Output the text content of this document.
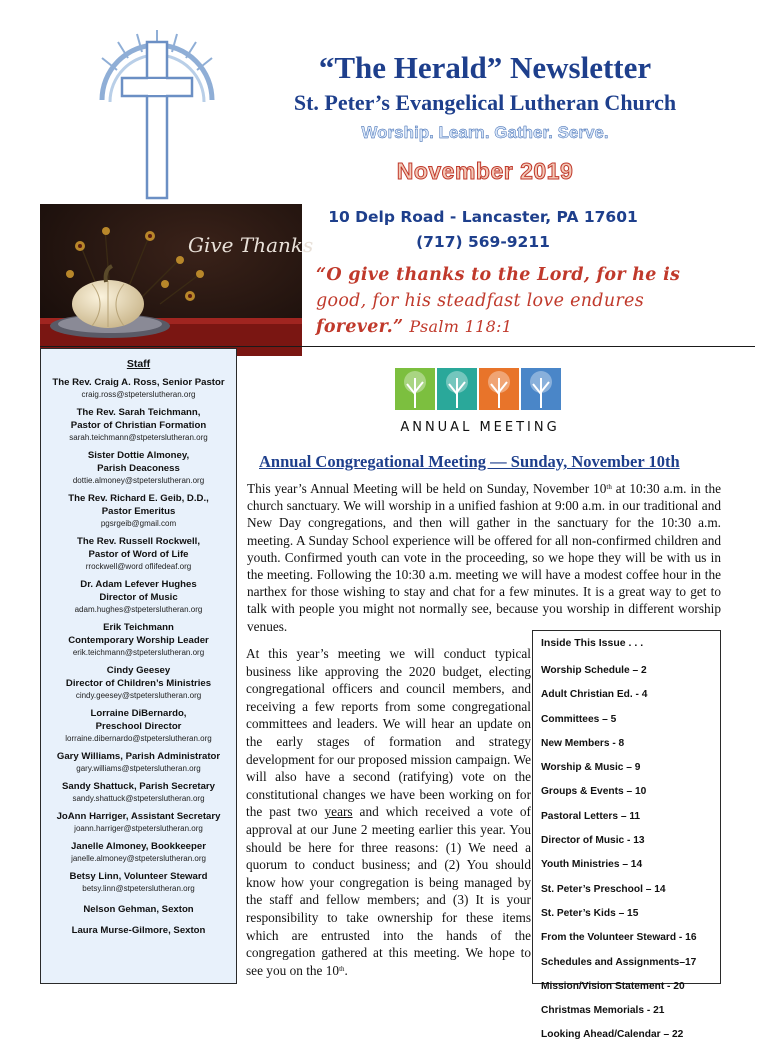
“The Herald” Newsletter
St. Peter’s Evangelical Lutheran Church
Worship. Learn. Gather. Serve.
November 2019
Give Thanks
10 Delp Road - Lancaster, PA 17601
(717) 569-9211
“O give thanks to the Lord, for he is
good, for his steadfast love endures
forever.” Psalm 118:1
Staff
The Rev. Craig A. Ross, Senior Pastor
craig.ross@stpeterslutheran.org
The Rev. Sarah Teichmann,
Pastor of Christian Formation
sarah.teichmann@stpeterslutheran.org
Sister Dottie Almoney,
Parish Deaconess
dottie.almoney@stpeterslutheran.org
The Rev. Richard E. Geib, D.D.,
Pastor Emeritus
pgsrgeib@gmail.com
The Rev. Russell Rockwell,
Pastor of Word of Life
rrockwell@word oflifedeaf.org
Dr. Adam Lefever Hughes
Director of Music
adam.hughes@stpeterslutheran.org
Erik Teichmann
Contemporary Worship Leader
erik.teichmann@stpeterslutheran.org
Cindy Geesey
Director of Children’s Ministries
cindy.geesey@stpeterslutheran.org
Lorraine DiBernardo,
Preschool Director
lorraine.dibernardo@stpeterslutheran.org
Gary Williams, Parish Administrator
gary.williams@stpeterslutheran.org
Sandy Shattuck, Parish Secretary
sandy.shattuck@stpeterslutheran.org
JoAnn Harriger, Assistant Secretary
joann.harriger@stpeterslutheran.org
Janelle Almoney, Bookkeeper
janelle.almoney@stpeterslutheran.org
Betsy Linn, Volunteer Steward
betsy.linn@stpeterslutheran.org
Nelson Gehman, Sexton
Laura Murse-Gilmore, Sexton
ANNUAL MEETING
Annual Congregational Meeting — Sunday, November 10th
This year’s Annual Meeting will be held on Sunday, November 10th at 10:30 a.m. in the church sanctuary. We will worship in a unified fashion at 9:00 a.m. in our traditional and New Day congregations, and then will gather in the sanctuary for the 10:30 a.m. meeting. A Sunday School experience will be offered for all non-confirmed children and youth. Confirmed youth can vote in the proceeding, so we hope they will be with us in the meeting. Following the 10:30 a.m. meeting we will have a modest coffee hour in the narthex for those wishing to stay and chat for a few minutes. It is a great way to get to talk with people you might not normally see, because you worship in different worship venues.
At this year’s meeting we will conduct typical business like approving the 2020 budget, electing congregational officers and council members, and receiving a few reports from some congregational committees and leaders. We will hear an update on the early stages of formation and strategy development for our proposed mission campaign. We will also have a second (ratifying) vote on the constitutional changes we have been working on for the past two years and which received a vote of approval at our June 2 meeting earlier this year. You should be here for three reasons: (1) We need a quorum to conduct business; and (2) You should know how your congregation is being managed by the staff and fellow members; and (3) It is your responsibility to take ownership for these items which are entrusted into the hands of the congregation gathered at this meeting. We hope to see you on the 10th.
Inside This Issue . . .
Worship Schedule – 2
Adult Christian Ed. - 4
Committees – 5
New Members - 8
Worship & Music – 9
Groups & Events – 10
Pastoral Letters – 11
Director of Music - 13
Youth Ministries – 14
St. Peter’s Preschool – 14
St. Peter’s Kids – 15
From the Volunteer Steward - 16
Schedules and Assignments–17
Mission/Vision Statement - 20
Christmas Memorials - 21
Looking Ahead/Calendar – 22
